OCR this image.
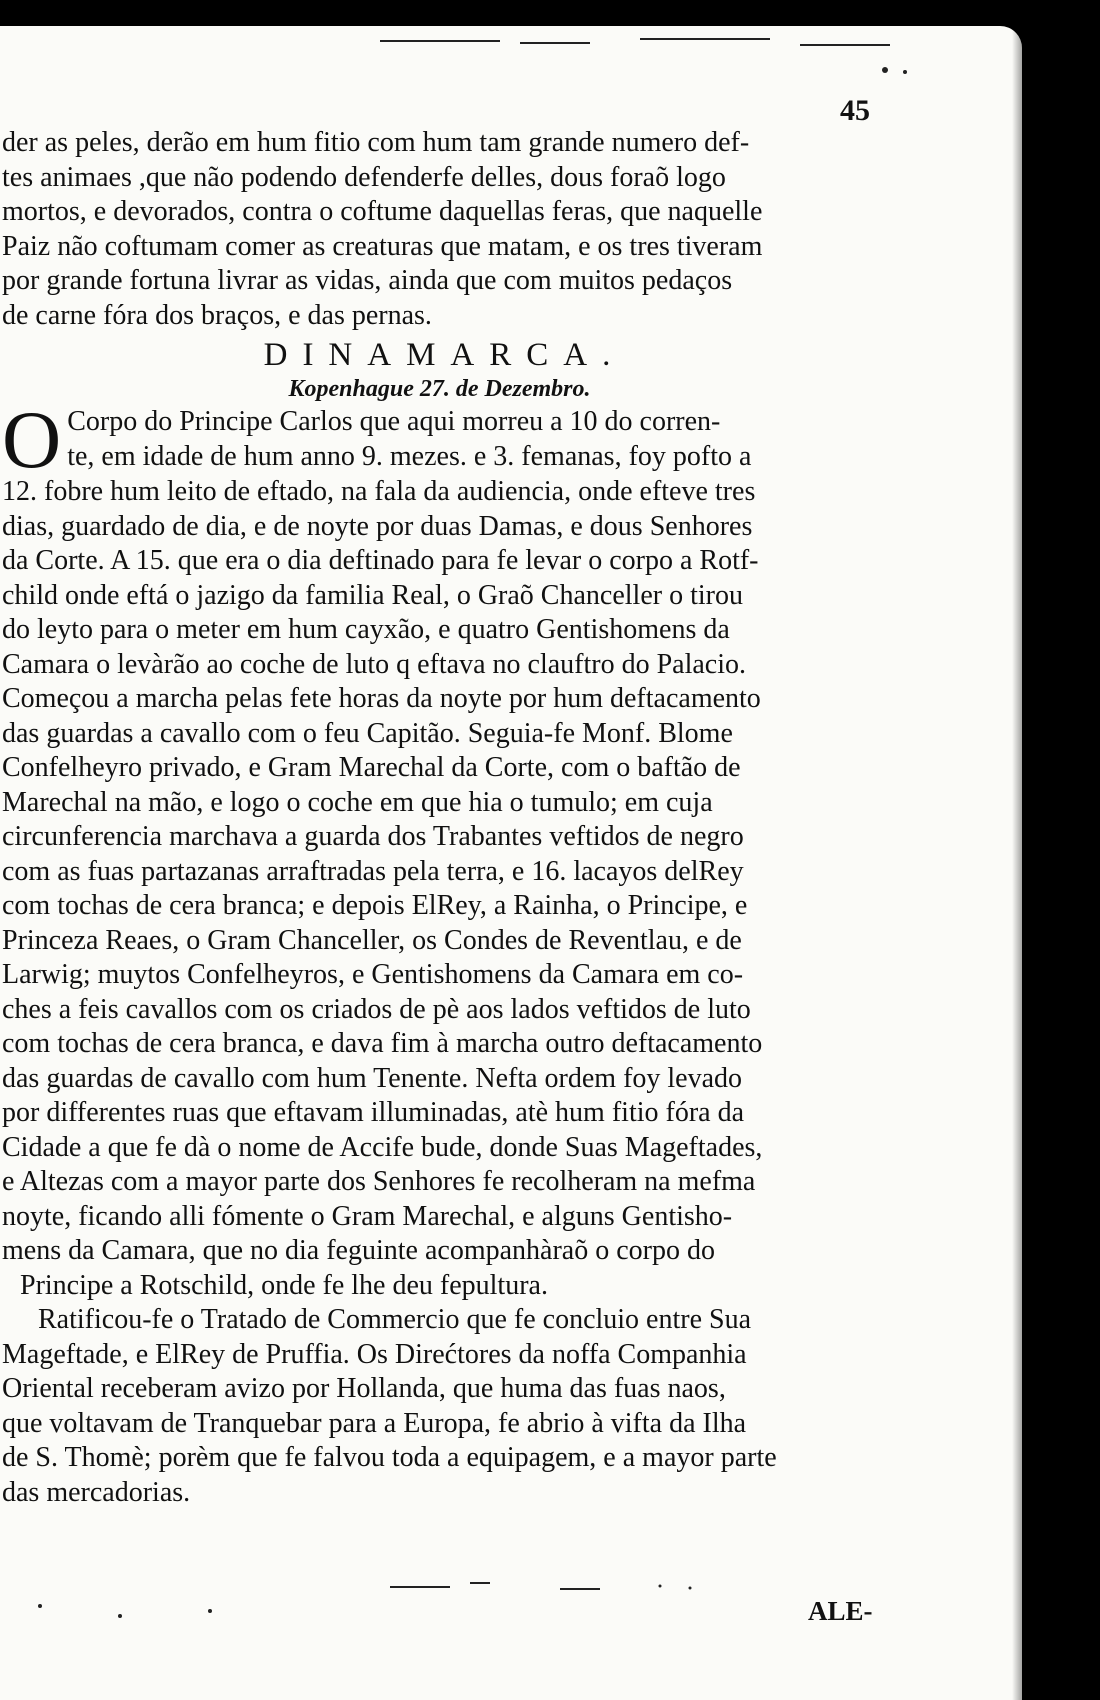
45
der as peles, derão em hum fitio com hum tam grande numero def-
tes animaes ,que não podendo defenderfe delles, dous foraõ logo
mortos, e devorados, contra o coftume daquellas feras, que naquelle
Paiz não coftumam comer as creaturas que matam, e os tres tiveram
por grande fortuna livrar as vidas, ainda que com muitos pedaços
de carne fóra dos braços, e das pernas.
DINAMARCA.
Kopenhague 27. de Dezembro.
O Corpo do Principe Carlos que aqui morreu a 10 do corren-
te, em idade de hum anno 9. mezes. e 3. femanas, foy pofto a
12. fobre hum leito de eftado, na fala da audiencia, onde efteve tres
dias, guardado de dia, e de noyte por duas Damas, e dous Senhores
da Corte. A 15. que era o dia deftinado para fe levar o corpo a Rotf-
child onde eftá o jazigo da familia Real, o Graõ Chanceller o tirou
do leyto para o meter em hum cayxão, e quatro Gentishomens da
Camara o levàrão ao coche de luto q eftava no clauftro do Palacio.
Começou a marcha pelas fete horas da noyte por hum deftacamento
das guardas a cavallo com o feu Capitão. Seguia-fe Monf. Blome
Confelheyro privado, e Gram Marechal da Corte, com o baftão de
Marechal na mão, e logo o coche em que hia o tumulo; em cuja
circunferencia marchava a guarda dos Trabantes veftidos de negro
com as fuas partazanas arraftradas pela terra, e 16. lacayos delRey
com tochas de cera branca; e depois ElRey, a Rainha, o Principe, e
Princeza Reaes, o Gram Chanceller, os Condes de Reventlau, e de
Larwig; muytos Confelheyros, e Gentishomens da Camara em co-
ches a feis cavallos com os criados de pè aos lados veftidos de luto
com tochas de cera branca, e dava fim à marcha outro deftacamento
das guardas de cavallo com hum Tenente. Nefta ordem foy levado
por differentes ruas que eftavam illuminadas, atè hum fitio fóra da
Cidade a que fe dà o nome de Accife bude, donde Suas Mageftades,
e Altezas com a mayor parte dos Senhores fe recolheram na mefma
noyte, ficando alli fómente o Gram Marechal, e alguns Gentisho-
mens da Camara, que no dia feguinte acompanhàraõ o corpo do
Principe a Rotschild, onde fe lhe deu fepultura.
Ratificou-fe o Tratado de Commercio que fe concluio entre Sua
Mageftade, e ElRey de Pruffia. Os Direćtores da noffa Companhia
Oriental receberam avizo por Hollanda, que huma das fuas naos,
que voltavam de Tranquebar para a Europa, fe abrio à vifta da Ilha
de S. Thomè; porèm que fe falvou toda a equipagem, e a mayor parte
das mercadorias.
ALE-
